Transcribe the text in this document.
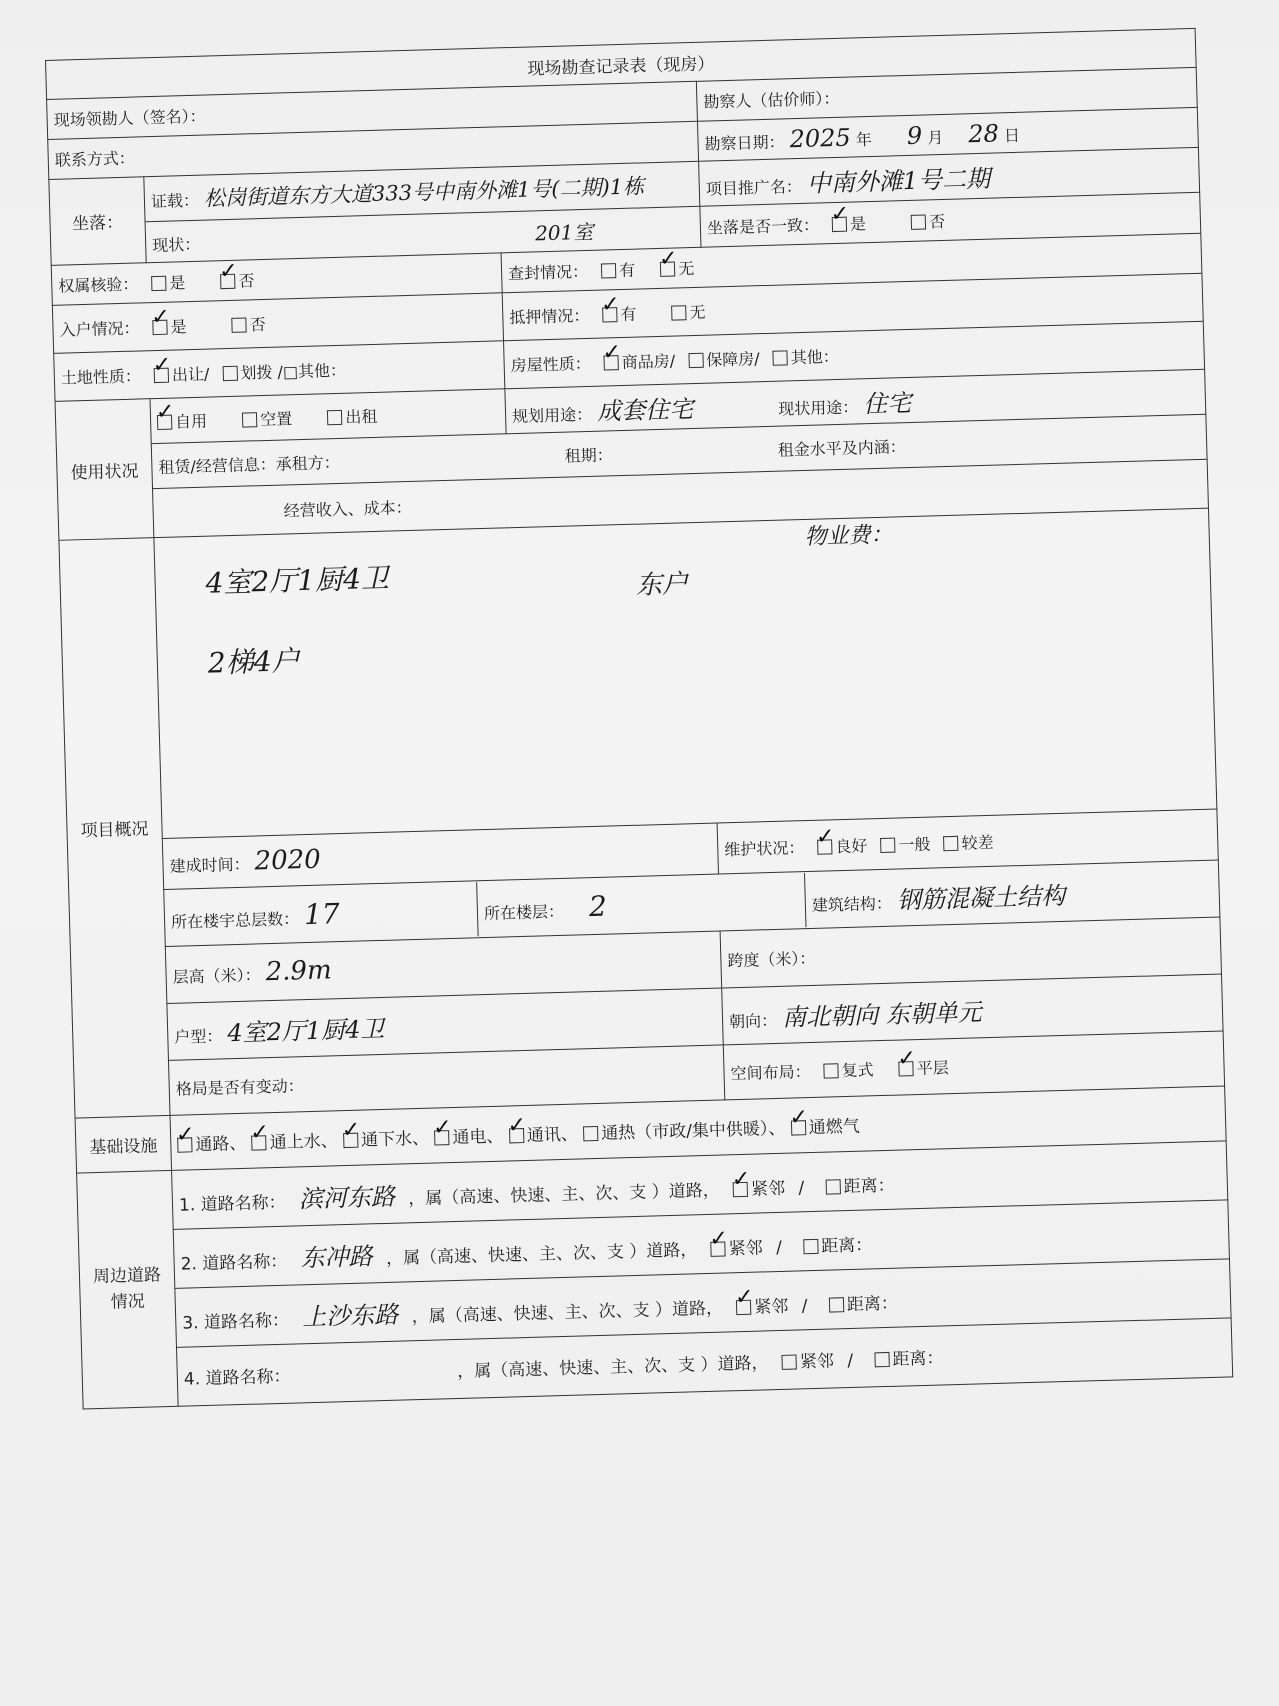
现场勘查记录表（现房）
现场领勘人（签名）：	勘察人（估价师）：
联系方式：	勘察日期： 2025 年 9 月 28 日
坐落：	证载： 松岗街道东方大道333号中南外滩1号(二期)1栋	项目推广名： 中南外滩1号二期
现状：	201室	坐落是否一致： ✓ 是	否
权属核验： 是 ✓	否	查封情况： 有 ✓	无
入户情况： ✓ 是	否	抵押情况： ✓ 有	无
土地性质： ✓ 出让/ 划拨 /□其他：	房屋性质： ✓ 商品房/ 保障房/ 其他：
使用状况	✓自用	空置	出租	规划用途： 成套住宅	现状用途： 住宅
租赁/经营信息：承租方：	租期：	租金水平及内涵：
经营收入、成本：
项目概况	
4室2厅1厨4卫
2梯4户
东户
物业费：

建成时间： 2020	维护状况： ✓ 良好 一般 较差

所在楼宇总层数： 17	所在楼层： 2	建筑结构： 钢筋混凝土结构

层高（米）： 2.9m	跨度（米）：
户型： 4室2厅1厨4卫	朝向： 南北朝向 东朝单元
格局是否有变动：	空间布局： 复式 ✓	平层
基础设施	✓通路、 ✓ 通上水、 ✓ 通下水、 ✓ 通电、 ✓ 通讯、 通热（市政/集中供暖）、 ✓ 通燃气
周边道路情况	1. 道路名称： 滨河东路 ，属（高速、快速、主、次、支 ）道路， ✓ 紧邻 / 距离：
2. 道路名称： 东冲路 ，属（高速、快速、主、次、支 ）道路， ✓ 紧邻 / 距离：
3. 道路名称： 上沙东路 ，属（高速、快速、主、次、支 ）道路， ✓ 紧邻 / 距离：
4. 道路名称：	，属（高速、快速、主、次、支 ）道路， 紧邻 / 距离：
